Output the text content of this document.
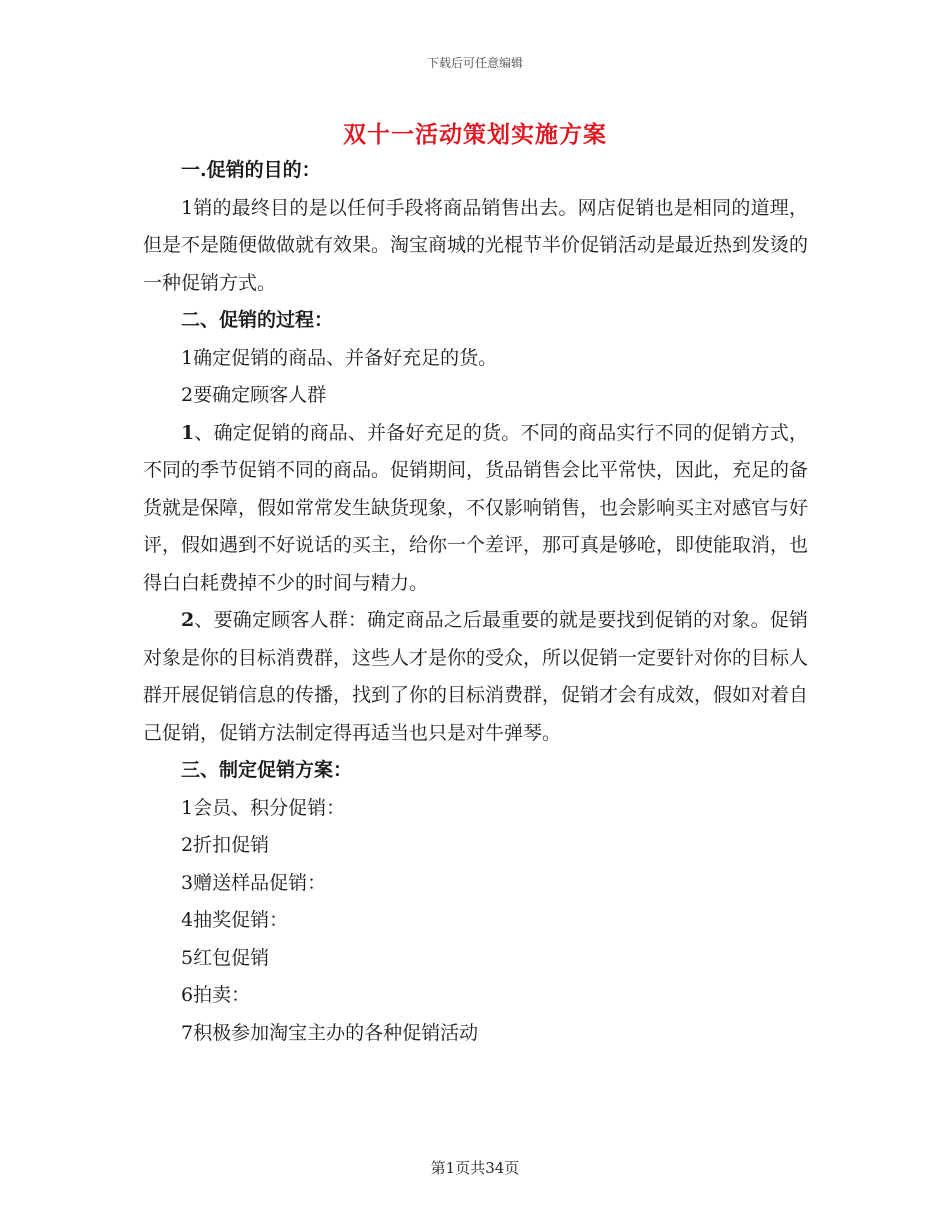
下载后可任意编辑
双十一活动策划实施方案

一.促销的目的：

1销的最终目的是以任何手段将商品销售出去。网店促销也是相同的道理，但是不是随便做做就有效果。淘宝商城的光棍节半价促销活动是最近热到发烫的一种促销方式。

二、促销的过程：

1确定促销的商品、并备好充足的货。

2要确定顾客人群

1、确定促销的商品、并备好充足的货。不同的商品实行不同的促销方式，不同的季节促销不同的商品。促销期间，货品销售会比平常快，因此，充足的备货就是保障，假如常常发生缺货现象，不仅影响销售，也会影响买主对感官与好评，假如遇到不好说话的买主，给你一个差评，那可真是够呛，即使能取消，也得白白耗费掉不少的时间与精力。

2、要确定顾客人群：确定商品之后最重要的就是要找到促销的对象。促销对象是你的目标消费群，这些人才是你的受众，所以促销一定要针对你的目标人群开展促销信息的传播，找到了你的目标消费群，促销才会有成效，假如对着自己促销，促销方法制定得再适当也只是对牛弹琴。

三、制定促销方案：

1会员、积分促销：

2折扣促销

3赠送样品促销：

4抽奖促销：

5红包促销

6拍卖：

7积极参加淘宝主办的各种促销活动

第1页共34页
